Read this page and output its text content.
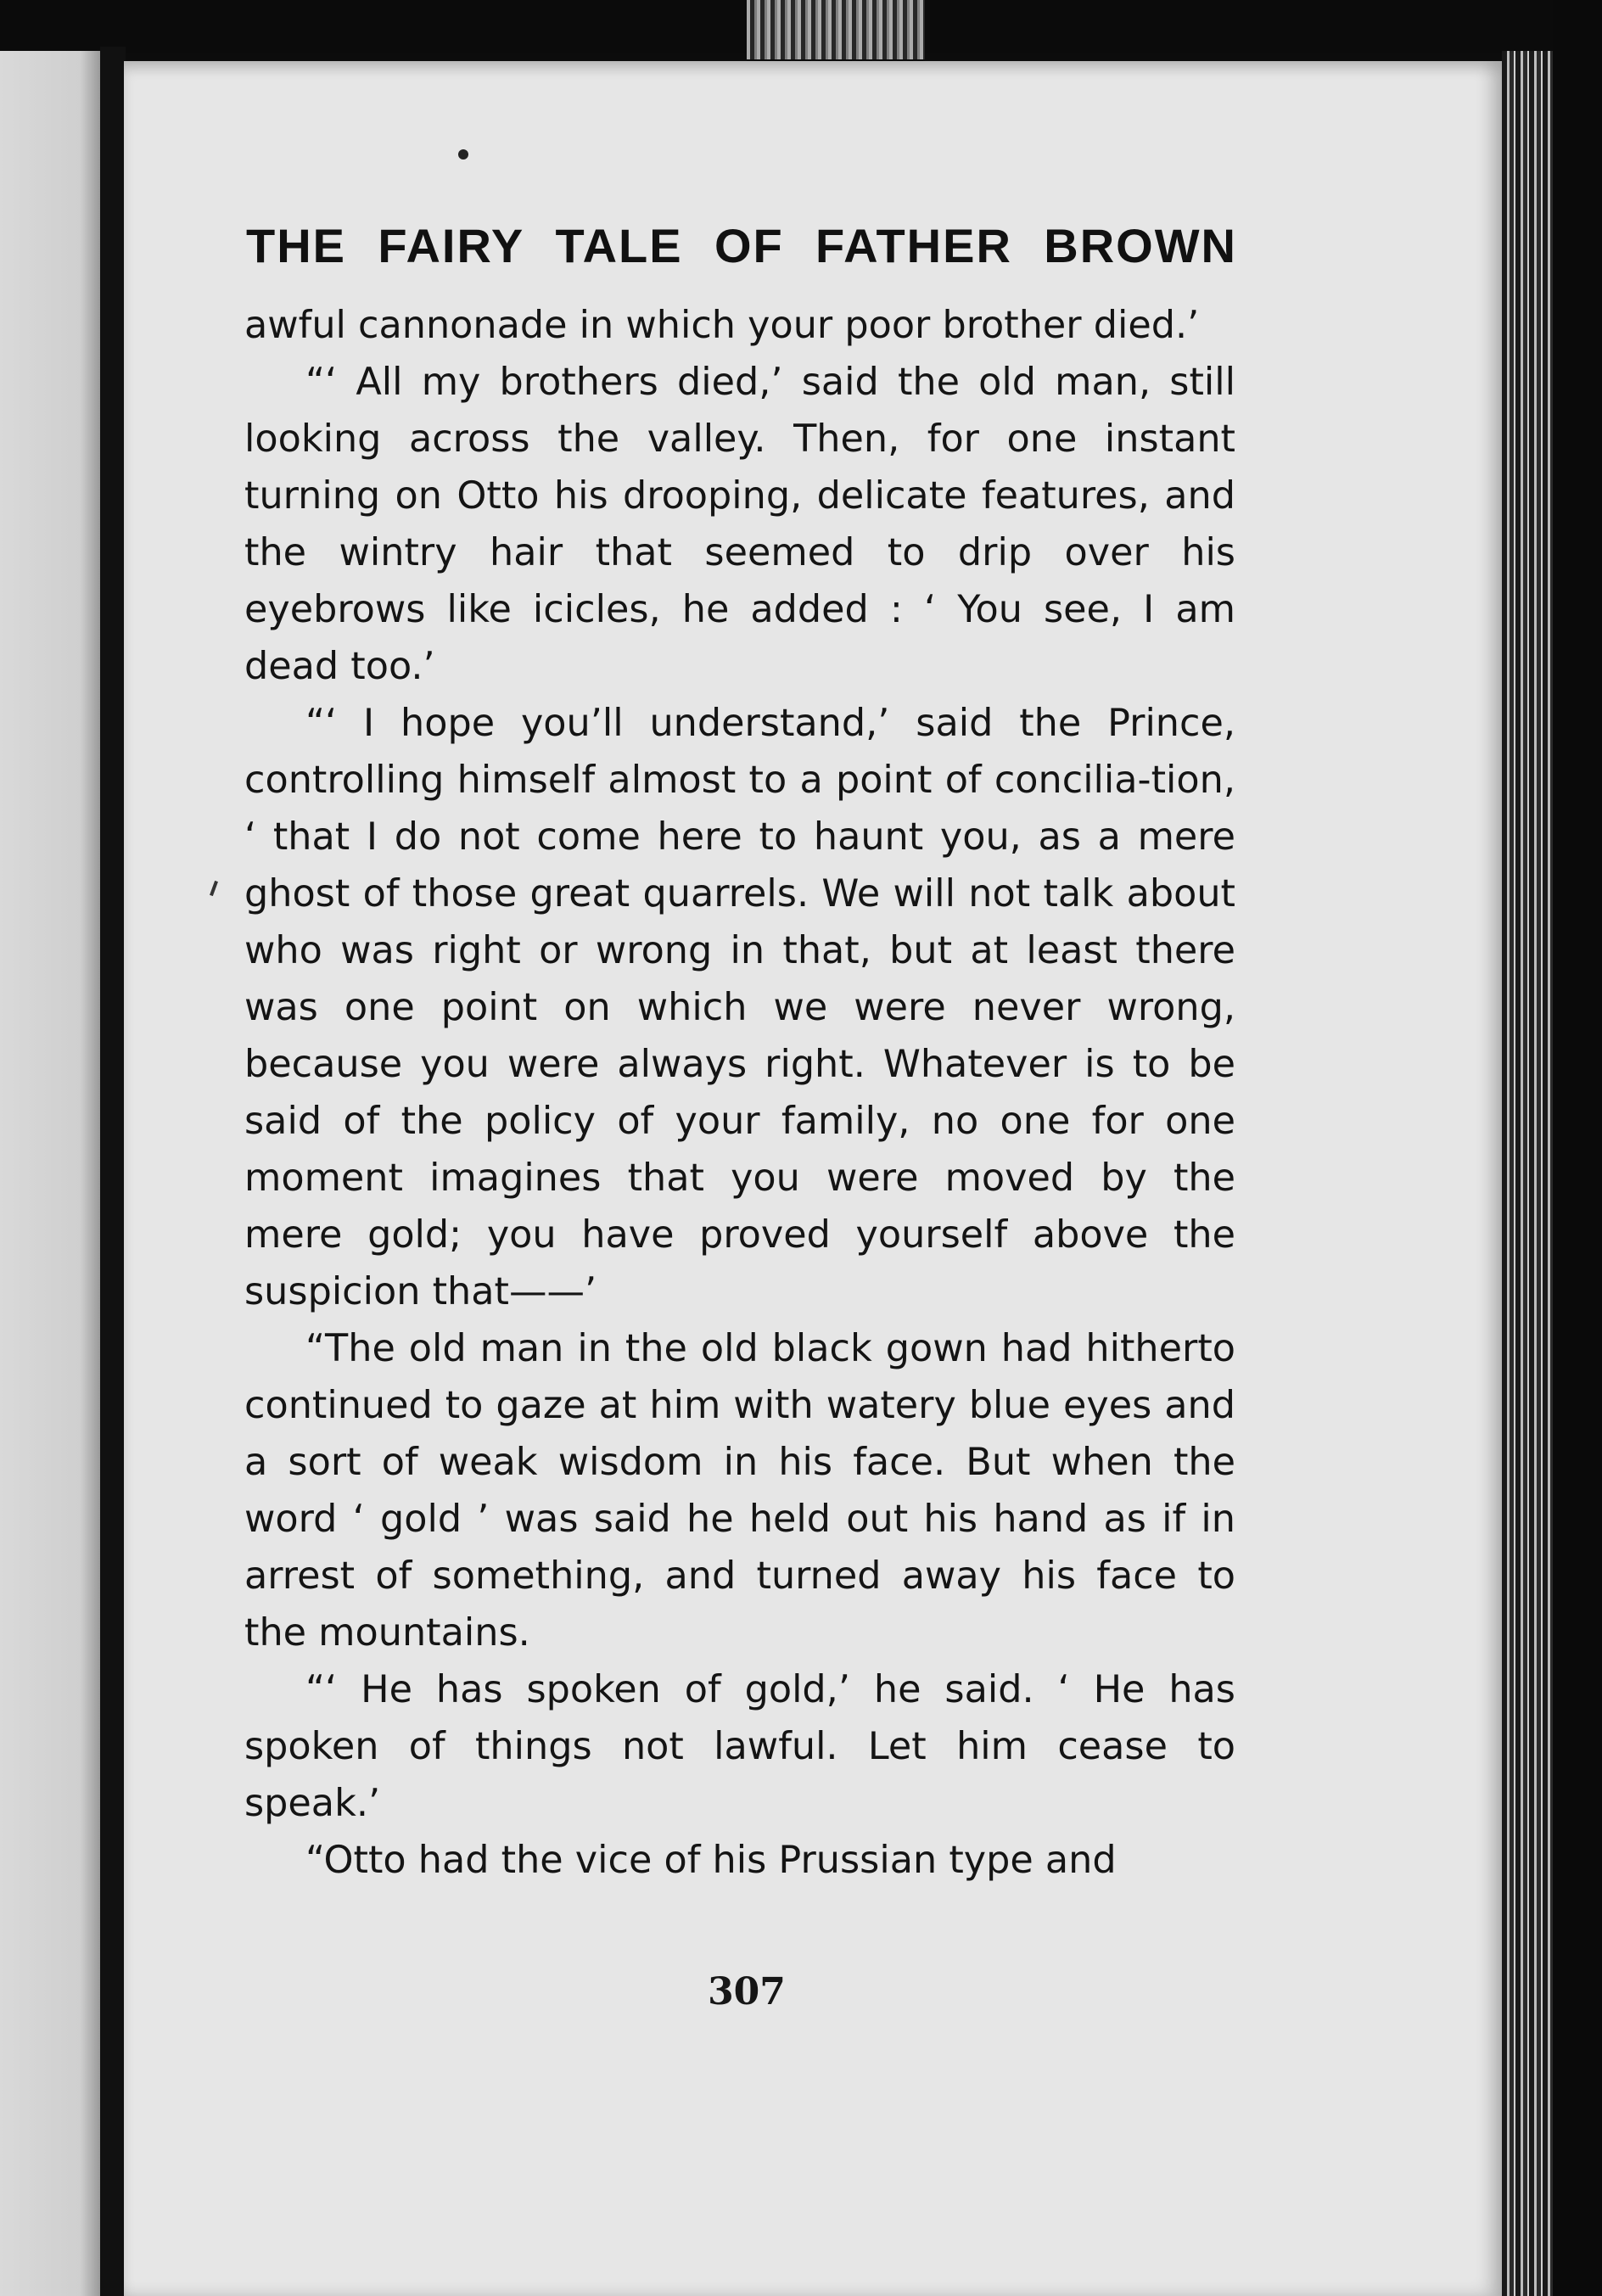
THE FAIRY TALE OF FATHER BROWN

awful cannonade in which your poor brother died.’

“‘ All my brothers died,’ said the old man, still looking across the valley. Then, for one instant turning on Otto his drooping, delicate features, and the wintry hair that seemed to drip over his eyebrows like icicles, he added : ‘ You see, I am dead too.’

“‘ I hope you’ll understand,’ said the Prince, controlling himself almost to a point of concilia-tion, ‘ that I do not come here to haunt you, as a mere ghost of those great quarrels. We will not talk about who was right or wrong in that, but at least there was one point on which we were never wrong, because you were always right. Whatever is to be said of the policy of your family, no one for one moment imagines that you were moved by the mere gold; you have proved yourself above the suspicion that——’

“The old man in the old black gown had hitherto continued to gaze at him with watery blue eyes and a sort of weak wisdom in his face. But when the word ‘ gold ’ was said he held out his hand as if in arrest of something, and turned away his face to the mountains.

“‘ He has spoken of gold,’ he said. ‘ He has spoken of things not lawful. Let him cease to speak.’

“Otto had the vice of his Prussian type and

307
